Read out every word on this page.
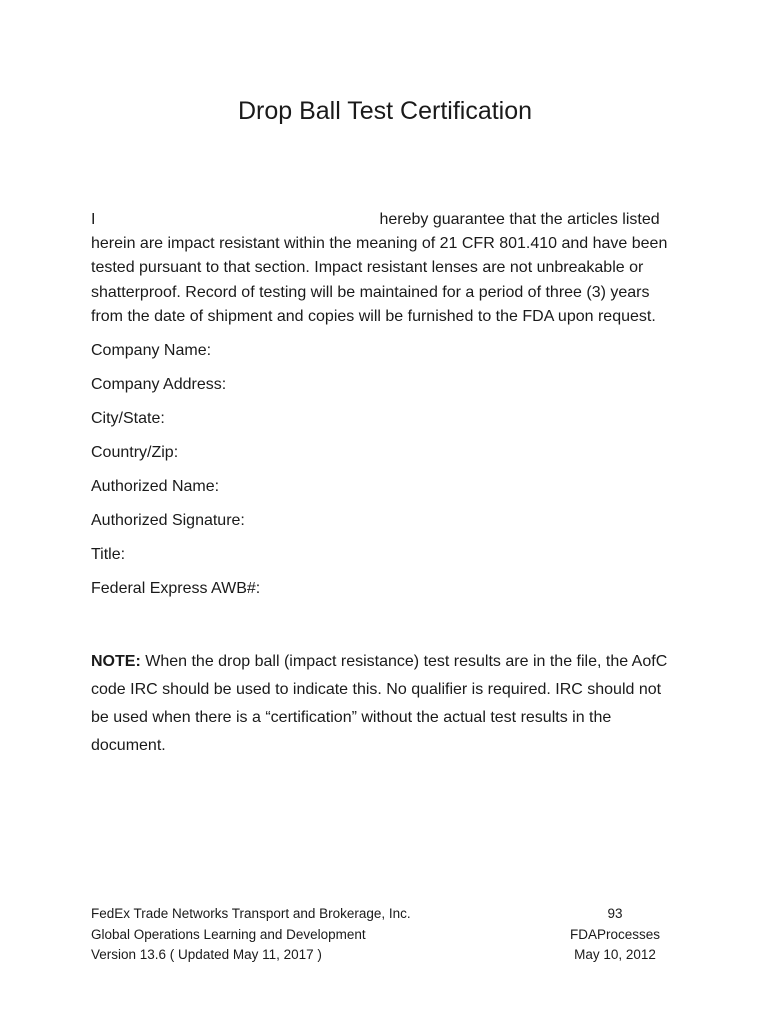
Drop Ball Test Certification
I	hereby guarantee that the articles listed
herein are impact resistant within the meaning of 21 CFR 801.410 and have been tested pursuant to that section. Impact resistant lenses are not unbreakable or shatterproof. Record of testing will be maintained for a period of three (3) years from the date of shipment and copies will be furnished to the FDA upon request.
Company Name:
Company Address:
City/State:
Country/Zip:
Authorized Name:
Authorized Signature:
Title:
Federal Express AWB#:
NOTE: When the drop ball (impact resistance) test results are in the file, the AofC code IRC should be used to indicate this. No qualifier is required. IRC should not be used when there is a “certification” without the actual test results in the document.
FedEx Trade Networks Transport and Brokerage, Inc.
Global Operations Learning and Development
Version 13.6 ( Updated May 11, 2017 )
93
FDAProcesses
May 10, 2012
